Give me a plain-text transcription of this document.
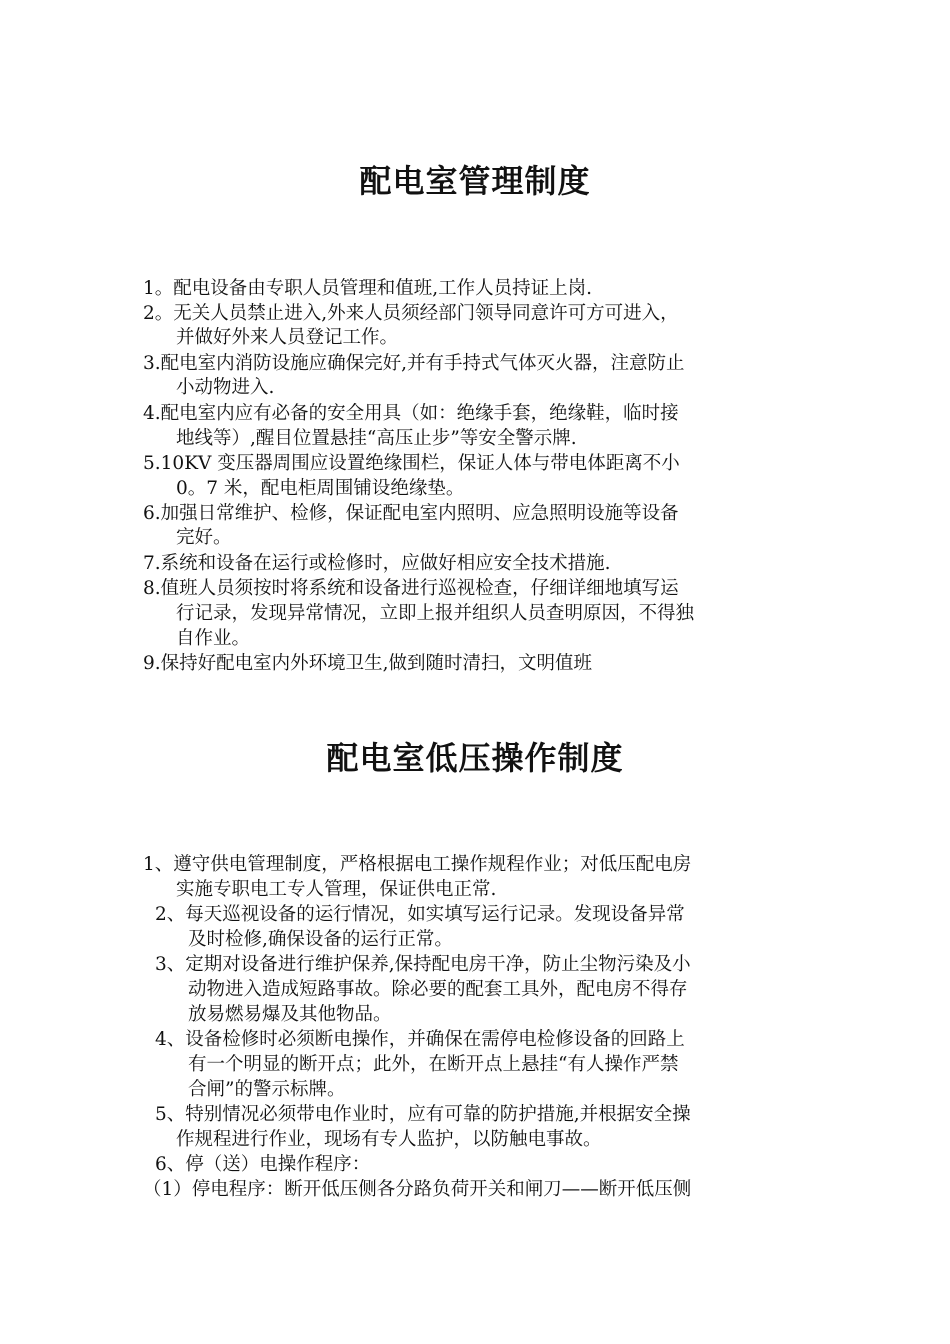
配电室管理制度
1。配电设备由专职人员管理和值班,工作人员持证上岗.
2。无关人员禁止进入,外来人员须经部门领导同意许可方可进入，
并做好外来人员登记工作。
3.配电室内消防设施应确保完好,并有手持式气体灭火器，注意防止
小动物进入.
4.配电室内应有必备的安全用具（如：绝缘手套，绝缘鞋，临时接
地线等）,醒目位置悬挂“高压止步”等安全警示牌.
5.10KV 变压器周围应设置绝缘围栏，保证人体与带电体距离不小
0。7 米，配电柜周围铺设绝缘垫。
6.加强日常维护、检修，保证配电室内照明、应急照明设施等设备
完好。
7.系统和设备在运行或检修时，应做好相应安全技术措施.
8.值班人员须按时将系统和设备进行巡视检查，仔细详细地填写运
行记录，发现异常情况，立即上报并组织人员查明原因，不得独
自作业。
9.保持好配电室内外环境卫生,做到随时清扫，文明值班
配电室低压操作制度
1、遵守供电管理制度，严格根据电工操作规程作业；对低压配电房
实施专职电工专人管理，保证供电正常.
2、每天巡视设备的运行情况，如实填写运行记录。发现设备异常
及时检修,确保设备的运行正常。
3、定期对设备进行维护保养,保持配电房干净，防止尘物污染及小
动物进入造成短路事故。除必要的配套工具外，配电房不得存
放易燃易爆及其他物品。
4、设备检修时必须断电操作，并确保在需停电检修设备的回路上
有一个明显的断开点；此外，在断开点上悬挂“有人操作严禁
合闸”的警示标牌。
5、特别情况必须带电作业时，应有可靠的防护措施,并根据安全操
作规程进行作业，现场有专人监护，以防触电事故。
6、停（送）电操作程序：
（1）停电程序：断开低压侧各分路负荷开关和闸刀——断开低压侧
